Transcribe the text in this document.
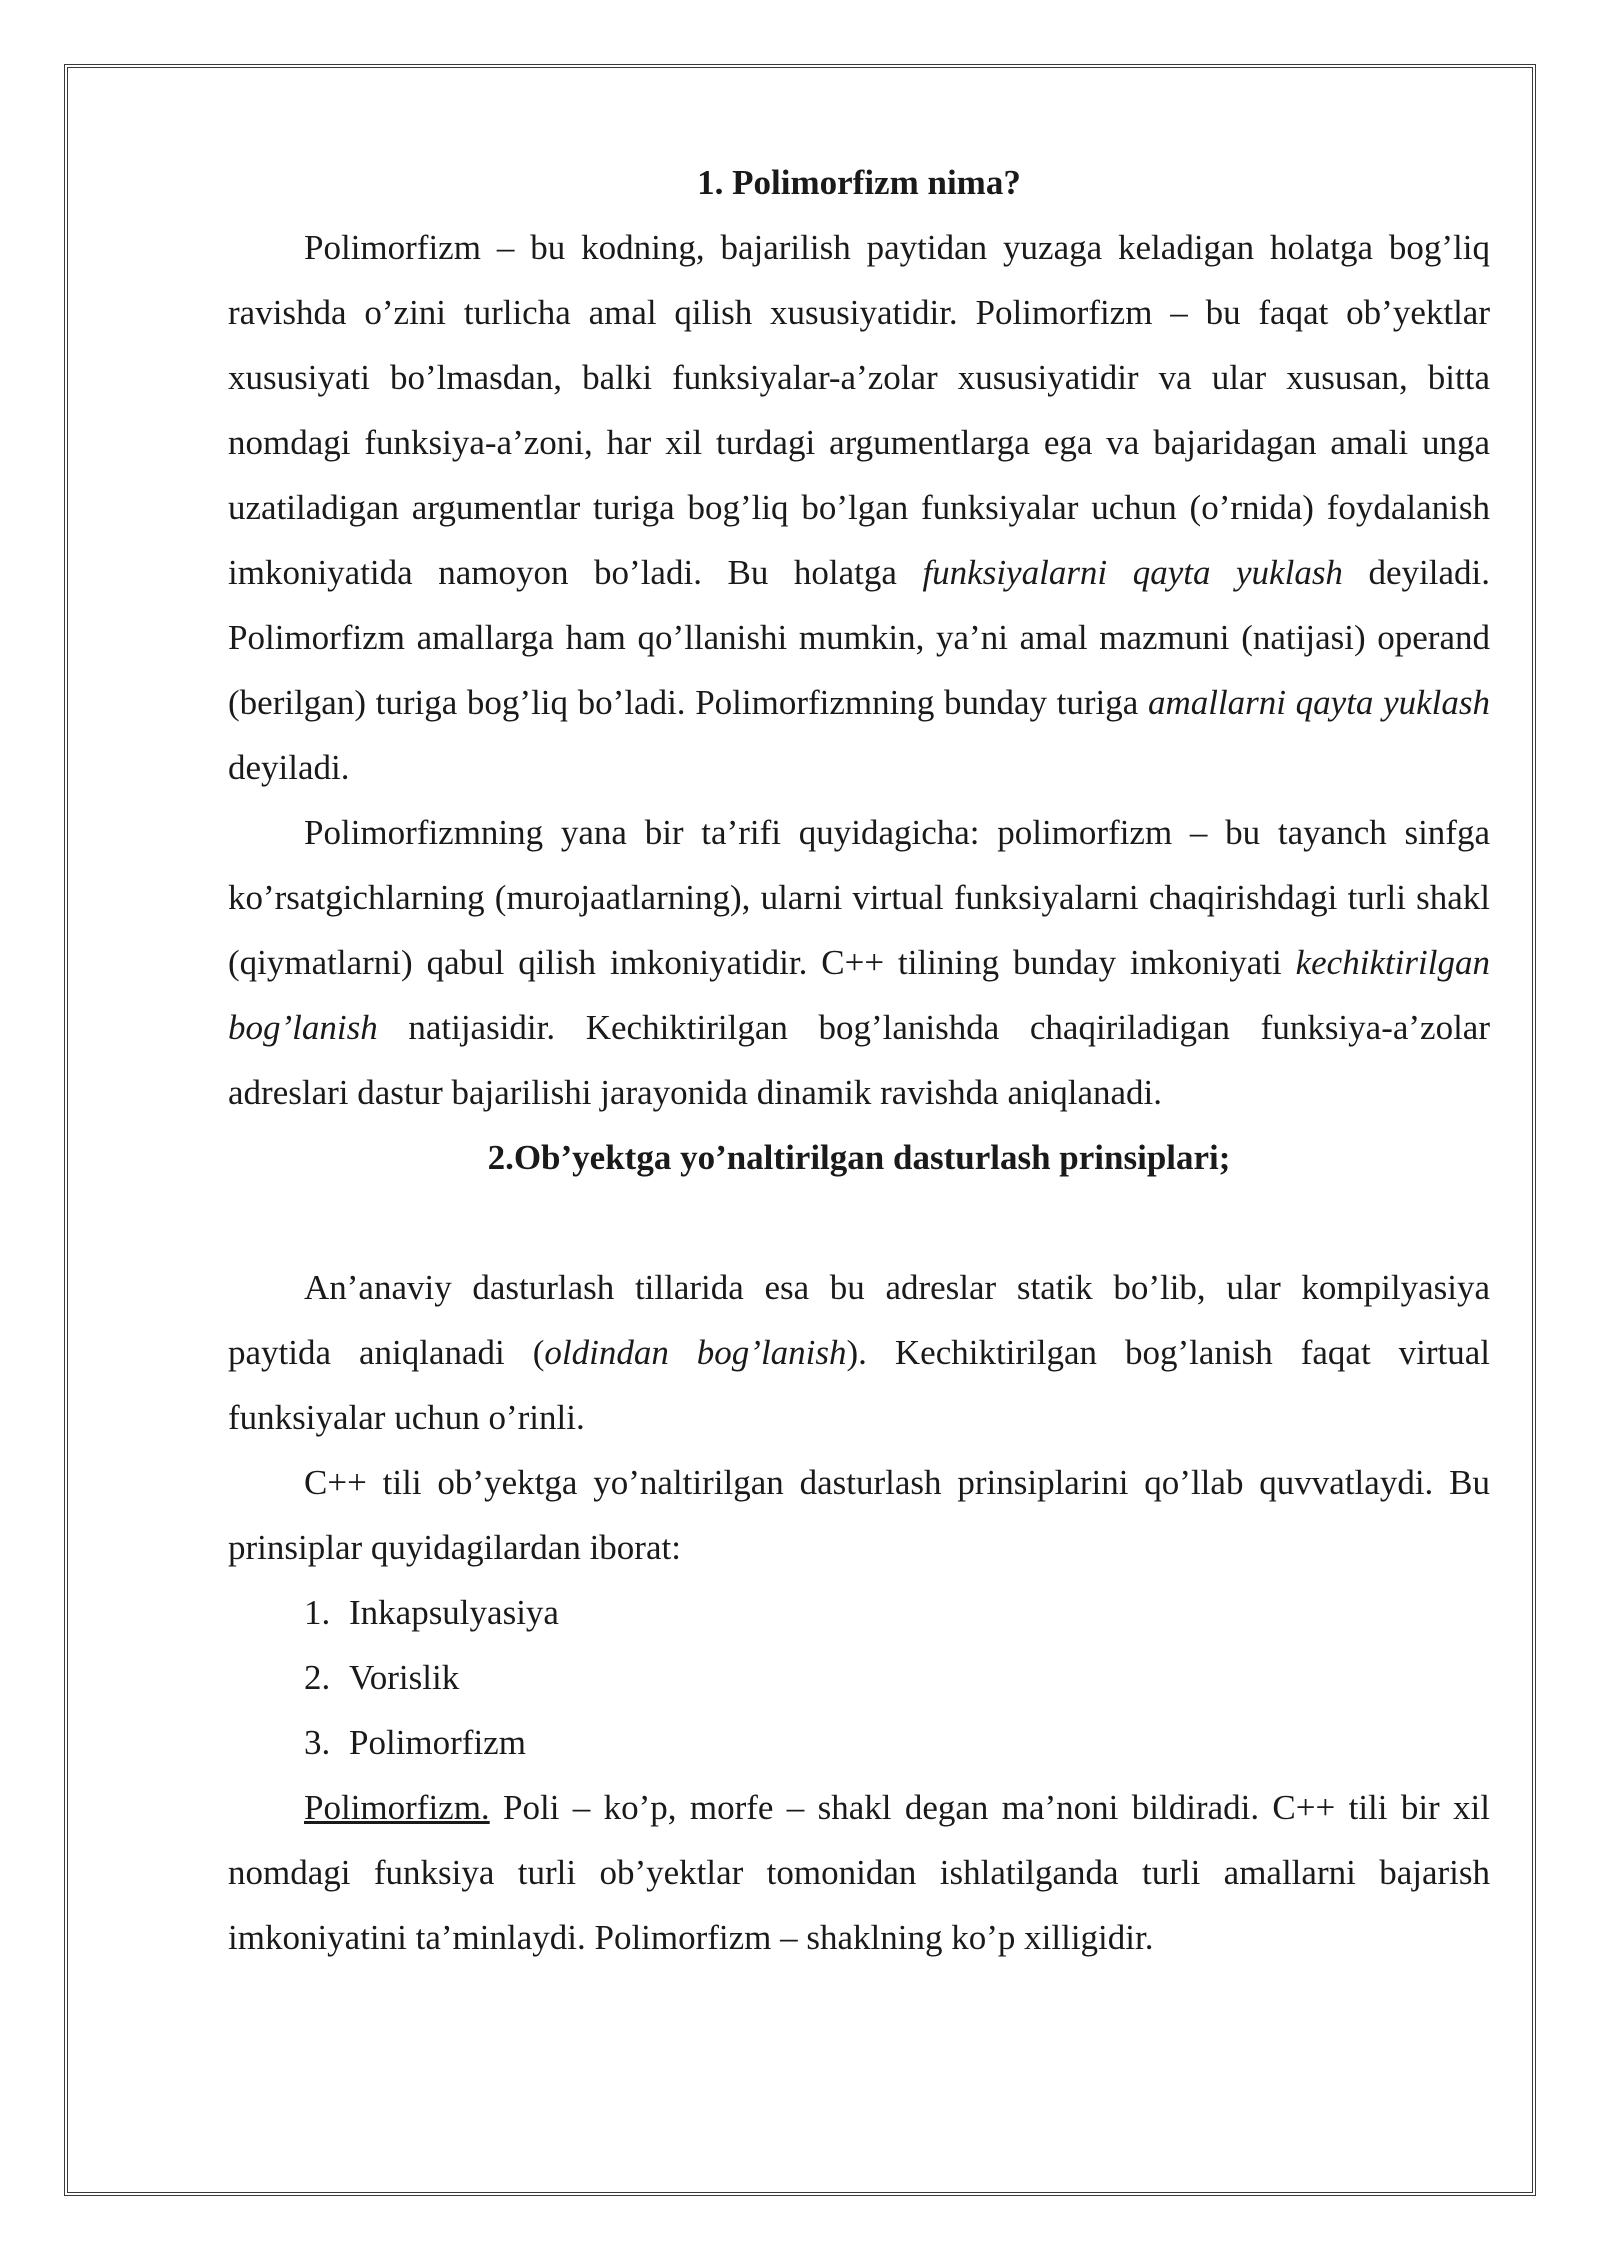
1. Polimorfizm nima?

Polimorfizm – bu kodning, bajarilish paytidan yuzaga keladigan holatga bog’liq ravishda o’zini turlicha amal qilish xususiyatidir. Polimorfizm – bu faqat ob’yektlar xususiyati bo’lmasdan, balki funksiyalar-a’zolar xususiyatidir va ular xususan, bitta nomdagi funksiya-a’zoni, har xil turdagi argumentlarga ega va bajaridagan amali unga uzatiladigan argumentlar turiga bog’liq bo’lgan funksiyalar uchun (o’rnida) foydalanish imkoniyatida namoyon bo’ladi. Bu holatga funksiyalarni qayta yuklash deyiladi. Polimorfizm amallarga ham qo’llanishi mumkin, ya’ni amal mazmuni (natijasi) operand (berilgan) turiga bog’liq bo’ladi. Polimorfizmning bunday turiga amallarni qayta yuklash deyiladi.

Polimorfizmning yana bir ta’rifi quyidagicha: polimorfizm – bu tayanch sinfga ko’rsatgichlarning (murojaatlarning), ularni virtual funksiyalarni chaqirishdagi turli shakl (qiymatlarni) qabul qilish imkoniyatidir. C++ tilining bunday imkoniyati kechiktirilgan bog’lanish natijasidir. Kechiktirilgan bog’lanishda chaqiriladigan funksiya-a’zolar adreslari dastur bajarilishi jarayonida dinamik ravishda aniqlanadi.

2.Ob’yektga yo’naltirilgan dasturlash prinsiplari;

An’anaviy dasturlash tillarida esa bu adreslar statik bo’lib, ular kompilyasiya paytida aniqlanadi (oldindan bog’lanish). Kechiktirilgan bog’lanish faqat virtual funksiyalar uchun o’rinli.

C++ tili ob’yektga yo’naltirilgan dasturlash prinsiplarini qo’llab quvvatlaydi. Bu prinsiplar quyidagilardan iborat:

1. Inkapsulyasiya
2. Vorislik
3. Polimorfizm

Polimorfizm. Poli – ko’p, morfe – shakl degan ma’noni bildiradi. C++ tili bir xil nomdagi funksiya turli ob’yektlar tomonidan ishlatilganda turli amallarni bajarish imkoniyatini ta’minlaydi. Polimorfizm – shaklning ko’p xilligidir.
